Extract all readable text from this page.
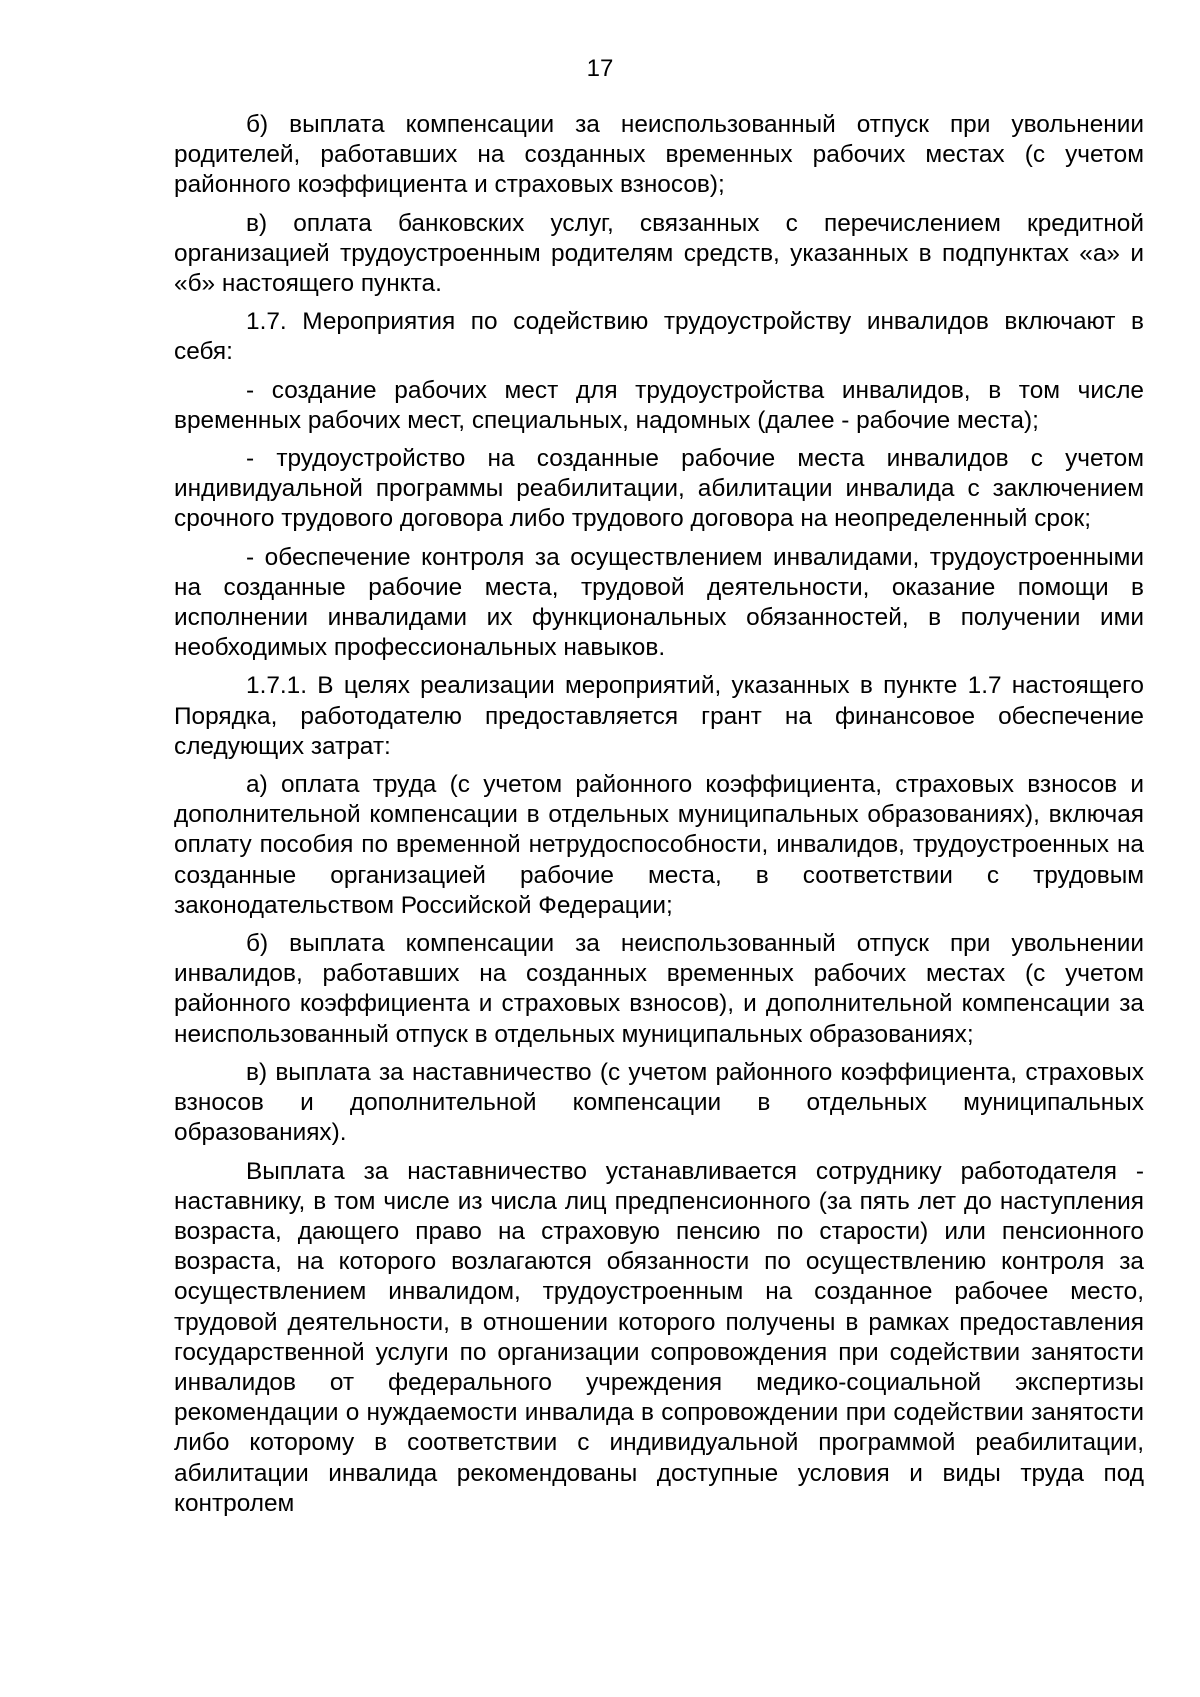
17

б) выплата компенсации за неиспользованный отпуск при увольнении родителей, работавших на созданных временных рабочих местах (с учетом районного коэффициента и страховых взносов);

в) оплата банковских услуг, связанных с перечислением кредитной организацией трудоустроенным родителям средств, указанных в подпунктах «а» и «б» настоящего пункта.

1.7. Мероприятия по содействию трудоустройству инвалидов включают в себя:

- создание рабочих мест для трудоустройства инвалидов, в том числе временных рабочих мест, специальных, надомных (далее - рабочие места);

- трудоустройство на созданные рабочие места инвалидов с учетом индивидуальной программы реабилитации, абилитации инвалида с заключением срочного трудового договора либо трудового договора на неопределенный срок;

- обеспечение контроля за осуществлением инвалидами, трудоустроенными на созданные рабочие места, трудовой деятельности, оказание помощи в исполнении инвалидами их функциональных обязанностей, в получении ими необходимых профессиональных навыков.

1.7.1. В целях реализации мероприятий, указанных в пункте 1.7 настоящего Порядка, работодателю предоставляется грант на финансовое обеспечение следующих затрат:

а) оплата труда (с учетом районного коэффициента, страховых взносов и дополнительной компенсации в отдельных муниципальных образованиях), включая оплату пособия по временной нетрудоспособности, инвалидов, трудоустроенных на созданные организацией рабочие места, в соответствии с трудовым законодательством Российской Федерации;

б) выплата компенсации за неиспользованный отпуск при увольнении инвалидов, работавших на созданных временных рабочих местах (с учетом районного коэффициента и страховых взносов), и дополнительной компенсации за неиспользованный отпуск в отдельных муниципальных образованиях;

в) выплата за наставничество (с учетом районного коэффициента, страховых взносов и дополнительной компенсации в отдельных муниципальных образованиях).

Выплата за наставничество устанавливается сотруднику работодателя - наставнику, в том числе из числа лиц предпенсионного (за пять лет до наступления возраста, дающего право на страховую пенсию по старости) или пенсионного возраста, на которого возлагаются обязанности по осуществлению контроля за осуществлением инвалидом, трудоустроенным на созданное рабочее место, трудовой деятельности, в отношении которого получены в рамках предоставления государственной услуги по организации сопровождения при содействии занятости инвалидов от федерального учреждения медико-социальной экспертизы рекомендации о нуждаемости инвалида в сопровождении при содействии занятости либо которому в соответствии с индивидуальной программой реабилитации, абилитации инвалида рекомендованы доступные условия и виды труда под контролем
